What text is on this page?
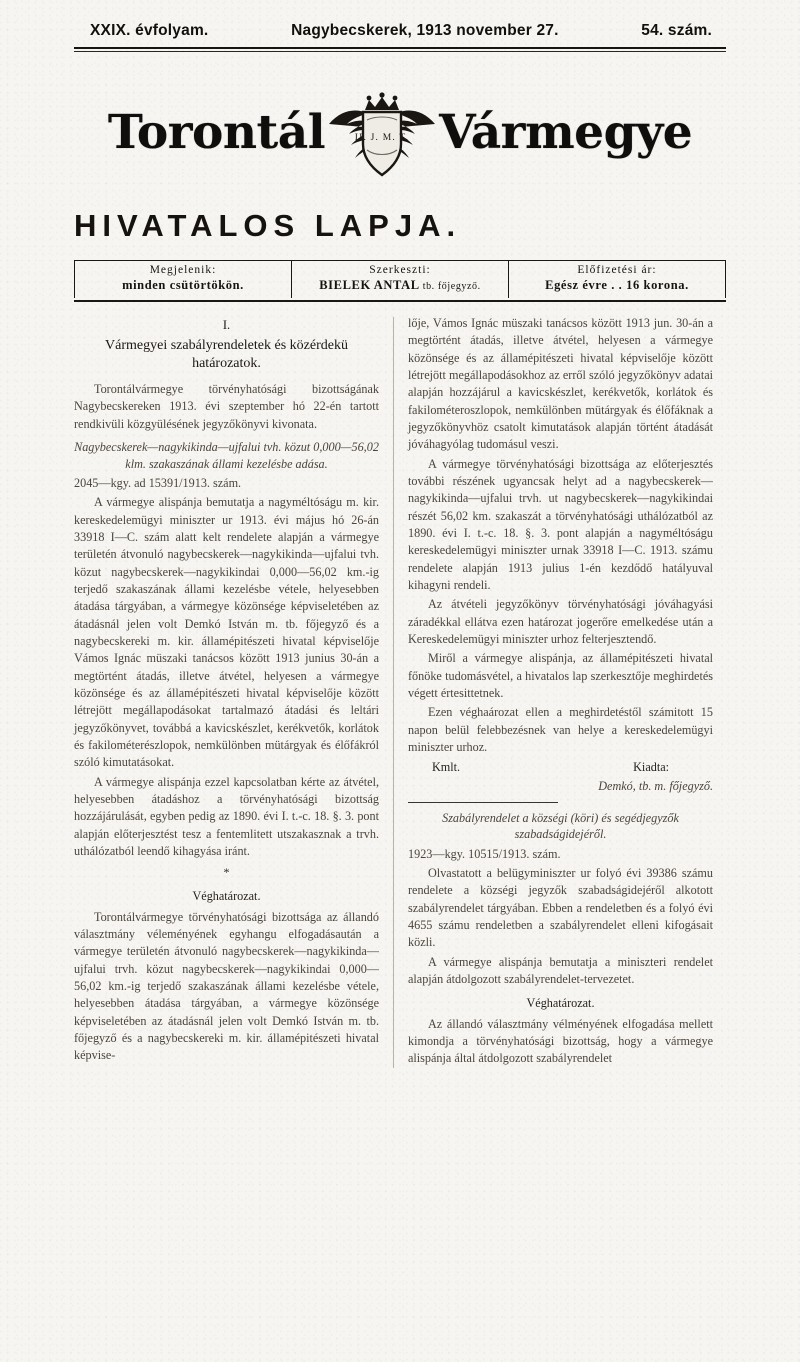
XXIX. évfolyam.	Nagybecskerek, 1913 november 27.	54. szám.
Torontál	II. J. M. T. Vármegye
HIVATALOS LAPJA.
Megjelenik:
minden csütörtökön.
Szerkeszti:
BIELEK ANTAL tb. főjegyző.
Előfizetési ár:
Egész évre . . 16 korona.
I.
Vármegyei szabályrendeletek és közérdekü határozatok.

Torontálvármegye törvényhatósági bizottságának Nagybecskereken 1913. évi szeptember hó 22-én tartott rendkivüli közgyülésének jegyzőkönyvi kivonata.

Nagybecskerek—nagykikinda—ujfalui tvh. közut 0,000—56,02 klm. szakaszának állami kezelésbe adása.

2045—kgy. ad 15391/1913. szám.

A vármegye alispánja bemutatja a nagyméltóságu m. kir. kereskedelemügyi miniszter ur 1913. évi május hó 26-án 33918 I—C. szám alatt kelt rendelete alapján a vármegye területén átvonuló nagybecskerek—nagykikinda—ujfalui tvh. közut nagybecskerek—nagykikindai 0,000—56,02 km.-ig terjedő szakaszának állami kezelésbe vétele, helyesebben átadása tárgyában, a vármegye közönsége képviseletében az átadásnál jelen volt Demkó István m. tb. főjegyző és a nagybecskereki m. kir. államépitészeti hivatal képviselője Vámos Ignác müszaki tanácsos között 1913 junius 30-án a megtörtént átadás, illetve átvétel, helyesen a vármegye közönsége és az államépitészeti hivatal képviselője között létrejött megállapodásokat tartalmazó átadási és leltári jegyzőkönyvet, továbbá a kavicskészlet, kerékvetők, korlátok és fakilométerészlopok, nemkülönben mütárgyak és élőfákról szóló kimutatásokat.

A vármegye alispánja ezzel kapcsolatban kérte az átvétel, helyesebben átadáshoz a törvényhatósági bizottság hozzájárulását, egyben pedig az 1890. évi I. t.-c. 18. §. 3. pont alapján előterjesztést tesz a fentemlitett utszakasznak a trvh. uthálózatból leendő kihagyása iránt.

*

Véghatározat.

Torontálvármegye törvényhatósági bizottsága az állandó választmány véleményének egyhangu elfogadásaután a vármegye területén átvonuló nagybecskerek—nagykikinda—ujfalui trvh. közut nagybecskerek—nagykikindai 0,000—56,02 km.-ig terjedő szakaszának állami kezelésbe vétele, helyesebben átadása tárgyában, a vármegye közönsége képviseletében az átadásnál jelen volt Demkó István m. tb. főjegyző és a nagybecskereki m. kir. államépitészeti hivatal képvise-

lője, Vámos Ignác müszaki tanácsos között 1913 jun. 30-án a megtörtént átadás, illetve átvétel, helyesen a vármegye közönsége és az államépitészeti hivatal képviselője között létrejött megállapodásokhoz az erről szóló jegyzőkönyv adatai alapján hozzájárul a kavicskészlet, kerékvetők, korlátok és fakilométeroszlopok, nemkülönben mütárgyak és élőfáknak a jegyzőkönyvhöz csatolt kimutatások alapján történt átadását jóváhagyólag tudomásul veszi.

A vármegye törvényhatósági bizottsága az előterjesztés további részének ugyancsak helyt ad a nagybecskerek—nagykikinda—ujfalui trvh. ut nagybecskerek—nagykikindai részét 56,02 km. szakaszát a törvényhatósági uthálózatból az 1890. évi I. t.-c. 18. §. 3. pont alapján a nagyméltóságu kereskedelemügyi miniszter urnak 33918 I—C. 1913. számu rendelete alapján 1913 julius 1-én kezdődő hatályuval kihagyni rendeli.

Az átvételi jegyzőkönyv törvényhatósági jóváhagyási záradékkal ellátva ezen határozat jogerőre emelkedése után a Kereskedelemügyi miniszter urhoz felterjesztendő.

Miről a vármegye alispánja, az államépitészeti hivatal főnöke tudomásvétel, a hivatalos lap szerkesztője meghirdetés végett értesittetnek.

Ezen véghaározat ellen a meghirdetéstől számitott 15 napon belül felebbezésnek van helye a kereskedelemügyi miniszter urhoz.

Kmlt.	Kiadta:

Demkó, tb. m. főjegyző.

Szabályrendelet a községi (köri) és segédjegyzők szabadságidejéről.

1923—kgy. 10515/1913. szám.

Olvastatott a belügyminiszter ur folyó évi 39386 számu rendelete a községi jegyzők szabadságidejéről alkotott szabályrendelet tárgyában. Ebben a rendeletben és a folyó évi 4655 számu rendeletben a szabályrendelet elleni kifogásait közli.

A vármegye alispánja bemutatja a miniszteri rendelet alapján átdolgozott szabályrendelet-tervezetet.

Véghatározat.

Az állandó választmány vélményének elfogadása mellett kimondja a törvényhatósági bizottság, hogy a vármegye alispánja által átdolgozott szabályrendelet
